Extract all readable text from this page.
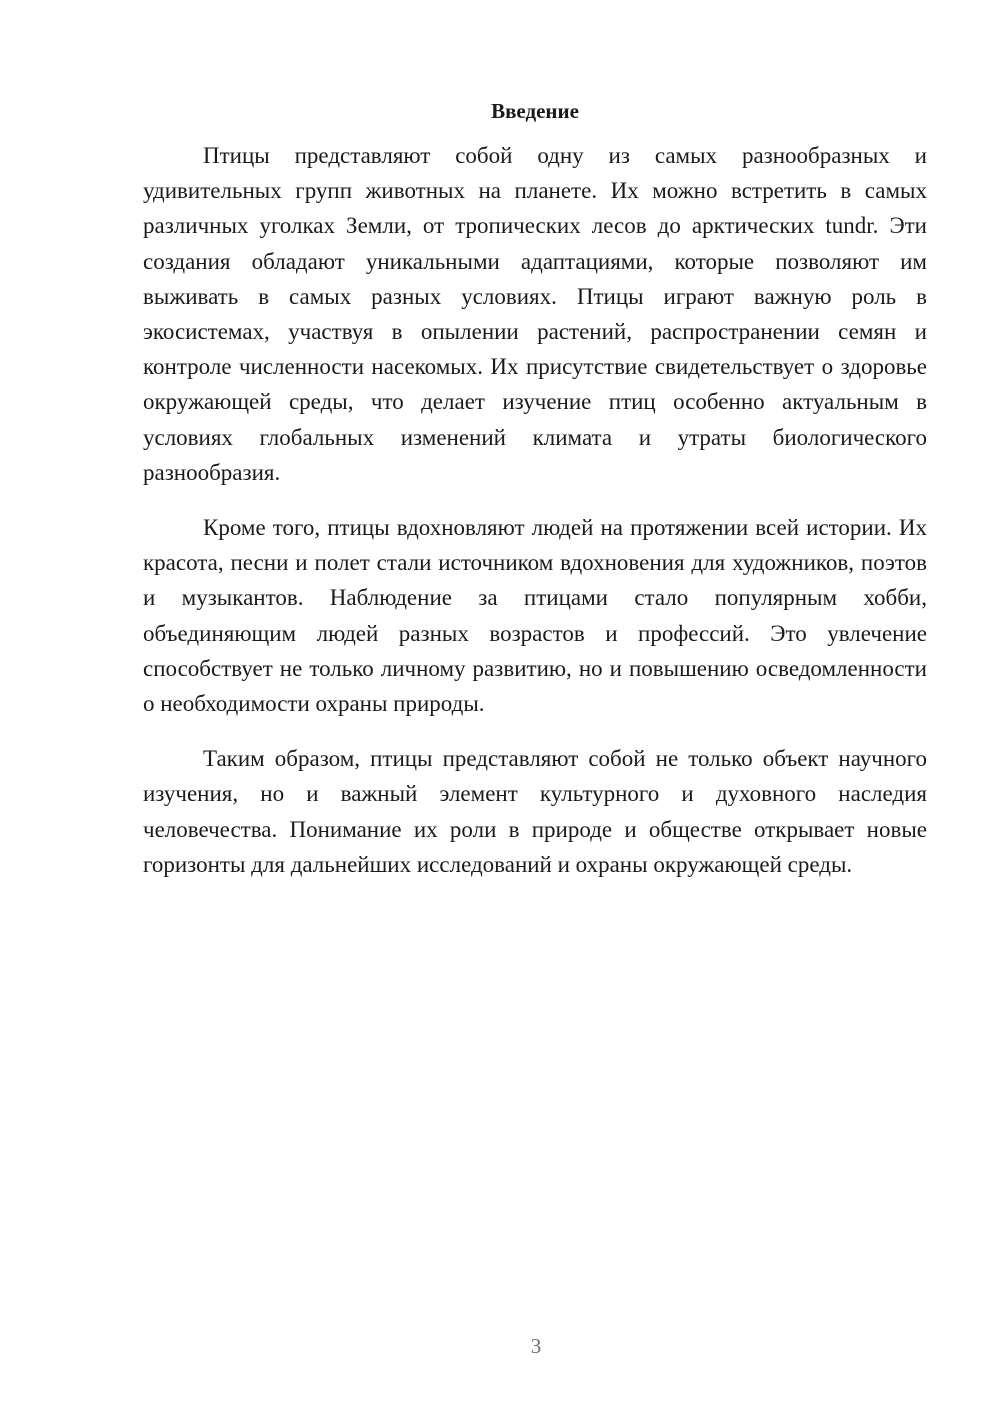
Введение

Птицы представляют собой одну из самых разнообразных и удивительных групп животных на планете. Их можно встретить в самых различных уголках Земли, от тропических лесов до арктических tundr. Эти создания обладают уникальными адаптациями, которые позволяют им выживать в самых разных условиях. Птицы играют важную роль в экосистемах, участвуя в опылении растений, распространении семян и контроле численности насекомых. Их присутствие свидетельствует о здоровье окружающей среды, что делает изучение птиц особенно актуальным в условиях глобальных изменений климата и утраты биологического разнообразия.

Кроме того, птицы вдохновляют людей на протяжении всей истории. Их красота, песни и полет стали источником вдохновения для художников, поэтов и музыкантов. Наблюдение за птицами стало популярным хобби, объединяющим людей разных возрастов и профессий. Это увлечение способствует не только личному развитию, но и повышению осведомленности о необходимости охраны природы.

Таким образом, птицы представляют собой не только объект научного изучения, но и важный элемент культурного и духовного наследия человечества. Понимание их роли в природе и обществе открывает новые горизонты для дальнейших исследований и охраны окружающей среды.

3
